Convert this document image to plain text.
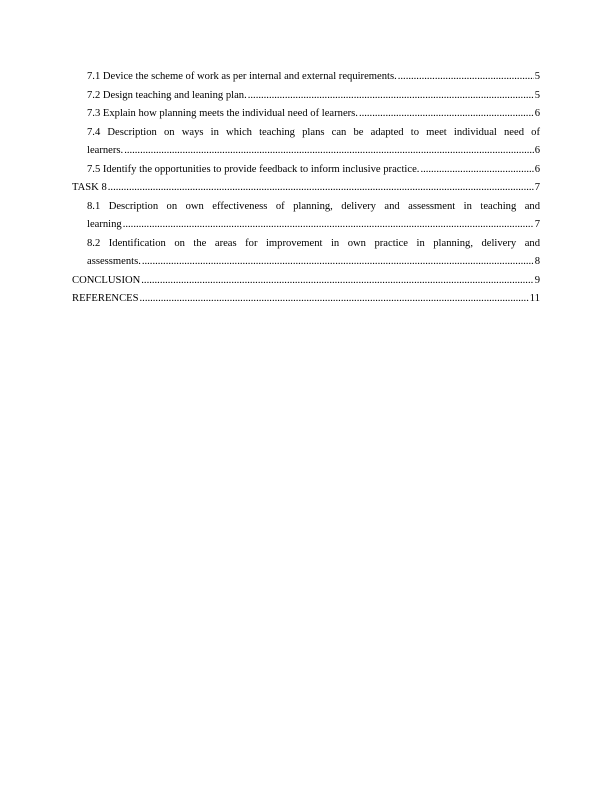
7.1 Device the scheme of work as per internal and external requirements. .....	5
7.2 Design teaching and leaning plan. .....	5
7.3 Explain how planning meets the individual need of learners. .....	6
7.4 Description on ways in which teaching plans can be adapted to meet individual need of
learners. .....	6
7.5 Identify the opportunities to provide feedback to inform inclusive practice. .....	6
TASK 8 .....	7
8.1 Description on own effectiveness of planning, delivery and assessment in teaching and
learning .....	7
8.2 Identification on the areas for improvement in own practice in planning, delivery and
assessments. .....	8
CONCLUSION .....	9
REFERENCES .....	11
